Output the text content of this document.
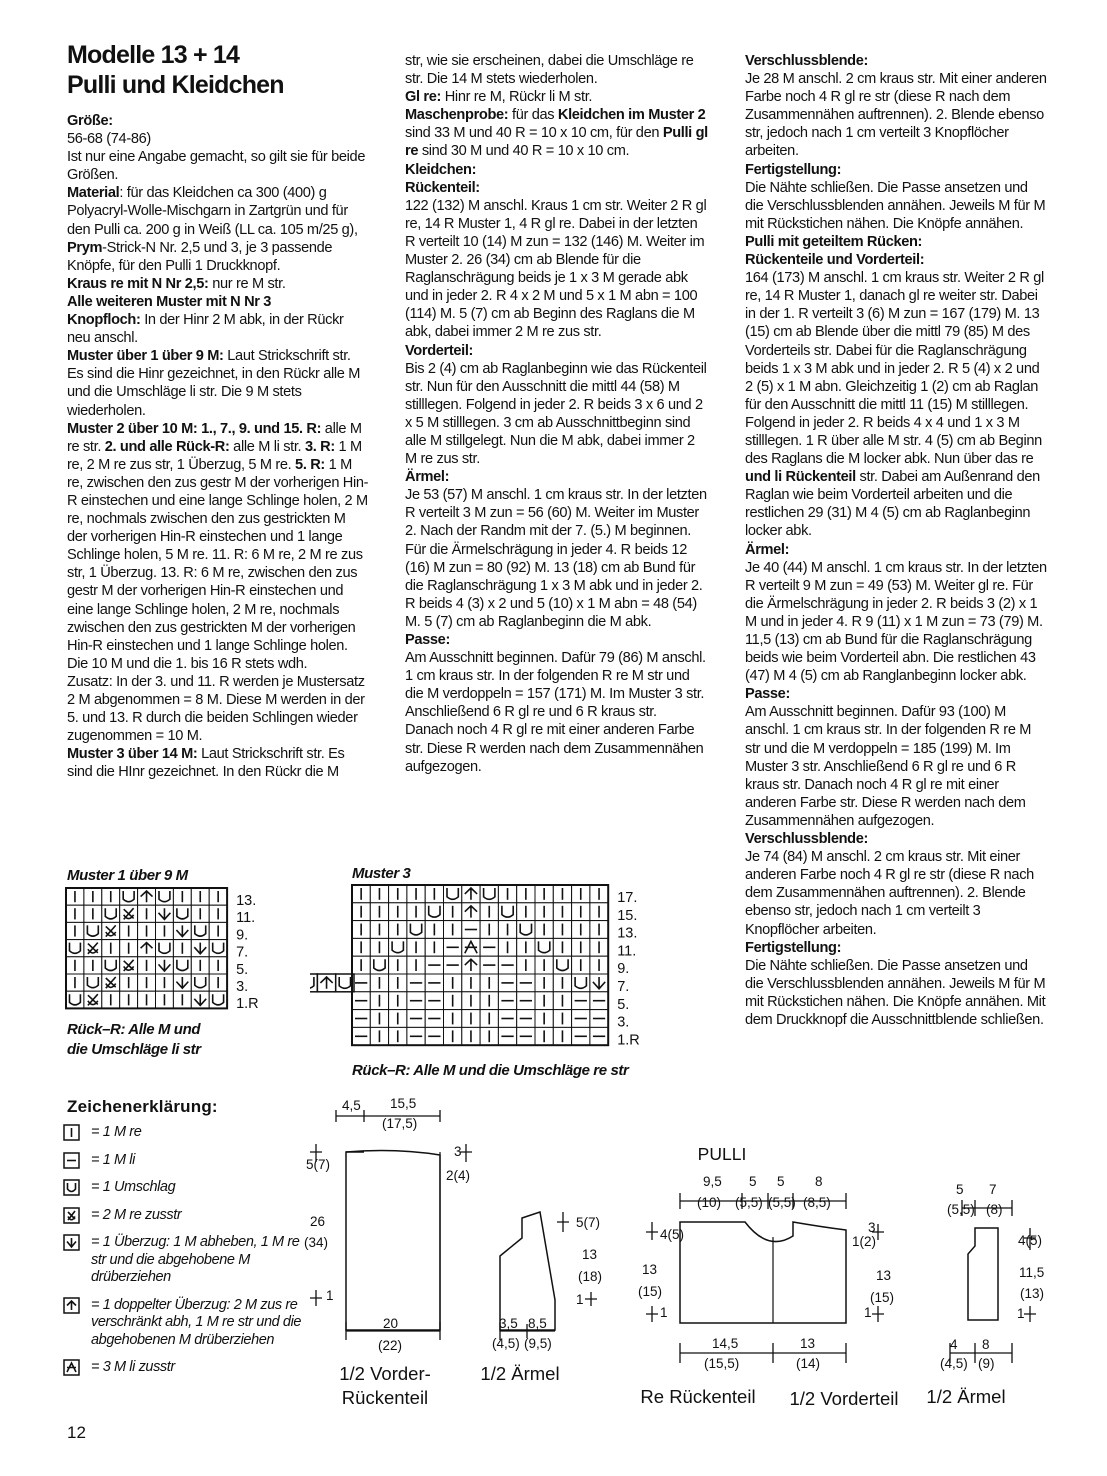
Modelle 13 + 14
Pulli und Kleidchen

Größe:

56-68 (74-86)

Ist nur eine Angabe gemacht, so gilt sie für beide Größen.

Material: für das Kleidchen ca 300 (400) g Polyacryl-Wolle-Mischgarn in Zartgrün und für den Pulli ca. 200 g in Weiß (LL ca. 105 m/25 g), Prym-Strick-N Nr. 2,5 und 3, je 3 passende Knöpfe, für den Pulli 1 Druckknopf.

Kraus re mit N Nr 2,5: nur re M str.

Alle weiteren Muster mit N Nr 3

Knopfloch: In der Hinr 2 M abk, in der Rückr neu anschl.

Muster über 1 über 9 M: Laut Strickschrift str. Es sind die Hinr gezeichnet, in den Rückr alle M und die Umschläge li str. Die 9 M stets wiederholen.

Muster 2 über 10 M: 1., 7., 9. und 15. R: alle M re str. 2. und alle Rück-R: alle M li str. 3. R: 1 M re, 2 M re zus str, 1 Überzug, 5 M re. 5. R: 1 M re, zwischen den zus gestr M der vorherigen Hin-R einstechen und eine lange Schlinge holen, 2 M re, nochmals zwischen den zus gestrickten M der vorherigen Hin-R einstechen und 1 lange Schlinge holen, 5 M re. 11. R: 6 M re, 2 M re zus str, 1 Überzug. 13. R: 6 M re, zwischen den zus gestr M der vorherigen Hin-R einstechen und eine lange Schlinge holen, 2 M re, nochmals zwischen den zus gestrickten M der vorherigen Hin-R einstechen und 1 lange Schlinge holen. Die 10 M und die 1. bis 16 R stets wdh.

Zusatz: In der 3. und 11. R werden je Mustersatz 2 M abgenommen = 8 M. Diese M werden in der 5. und 13. R durch die beiden Schlingen wieder zugenommen = 10 M.

Muster 3 über 14 M: Laut Strickschrift str. Es sind die HInr gezeichnet. In den Rückr die M

str, wie sie erscheinen, dabei die Umschläge re str. Die 14 M stets wiederholen.

Gl re: Hinr re M, Rückr li M str.

Maschenprobe: für das Kleidchen im Muster 2 sind 33 M und 40 R = 10 x 10 cm, für den Pulli gl re sind 30 M und 40 R = 10 x 10 cm.

Kleidchen:

Rückenteil:

122 (132) M anschl. Kraus 1 cm str. Weiter 2 R gl re, 14 R Muster 1, 4 R gl re. Dabei in der letzten R verteilt 10 (14) M zun = 132 (146) M. Weiter im Muster 2. 26 (34) cm ab Blende für die Raglanschrägung beids je 1 x 3 M gerade abk und in jeder 2. R 4 x 2 M und 5 x 1 M abn = 100 (114) M. 5 (7) cm ab Beginn des Raglans die M abk, dabei immer 2 M re zus str.

Vorderteil:

Bis 2 (4) cm ab Raglanbeginn wie das Rückenteil str. Nun für den Ausschnitt die mittl 44 (58) M stilllegen. Folgend in jeder 2. R beids 3 x 6 und 2 x 5 M stilllegen. 3 cm ab Ausschnittbeginn sind alle M stillgelegt. Nun die M abk, dabei immer 2 M re zus str.

Ärmel:

Je 53 (57) M anschl. 1 cm kraus str. In der letzten R verteilt 3 M zun = 56 (60) M. Weiter im Muster 2. Nach der Randm mit der 7. (5.) M beginnen. Für die Ärmelschrägung in jeder 4. R beids 12 (16) M zun = 80 (92) M. 13 (18) cm ab Bund für die Raglanschrägung 1 x 3 M abk und in jeder 2. R beids 4 (3) x 2 und 5 (10) x 1 M abn = 48 (54) M. 5 (7) cm ab Raglanbeginn die M abk.

Passe:

Am Ausschnitt beginnen. Dafür 79 (86) M anschl. 1 cm kraus str. In der folgenden R re M str und die M verdoppeln = 157 (171) M. Im Muster 3 str. Anschließend 6 R gl re und 6 R kraus str. Danach noch 4 R gl re mit einer anderen Farbe str. Diese R werden nach dem Zusammennähen aufgezogen.

Verschlussblende:

Je 28 M anschl. 2 cm kraus str. Mit einer anderen Farbe noch 4 R gl re str (diese R nach dem Zusammennähen auftrennen). 2. Blende ebenso str, jedoch nach 1 cm verteilt 3 Knopflöcher arbeiten.

Fertigstellung:

Die Nähte schließen. Die Passe ansetzen und die Verschlussblenden annähen. Jeweils M für M mit Rückstichen nähen. Die Knöpfe annähen.

Pulli mit geteiltem Rücken:

Rückenteile und Vorderteil:

164 (173) M anschl. 1 cm kraus str. Weiter 2 R gl re, 14 R Muster 1, danach gl re weiter str. Dabei in der 1. R verteilt 3 (6) M zun = 167 (179) M. 13 (15) cm ab Blende über die mittl 79 (85) M des Vorderteils str. Dabei für die Raglanschrägung beids 1 x 3 M abk und in jeder 2. R 5 (4) x 2 und 2 (5) x 1 M abn. Gleichzeitig 1 (2) cm ab Raglan für den Ausschnitt die mittl 11 (15) M stilllegen. Folgend in jeder 2. R beids 4 x 4 und 1 x 3 M stilllegen. 1 R über alle M str. 4 (5) cm ab Beginn des Raglans die M locker abk. Nun über das re und li Rückenteil str. Dabei am Außenrand den Raglan wie beim Vorderteil arbeiten und die restlichen 29 (31) M 4 (5) cm ab Raglanbeginn locker abk.

Ärmel:

Je 40 (44) M anschl. 1 cm kraus str. In der letzten R verteilt 9 M zun = 49 (53) M. Weiter gl re. Für die Ärmelschrägung in jeder 2. R beids 3 (2) x 1 M und in jeder 4. R 9 (11) x 1 M zun = 73 (79) M. 11,5 (13) cm ab Bund für die Raglanschrägung beids wie beim Vorderteil abn. Die restlichen 43 (47) M 4 (5) cm ab Ranglanbeginn locker abk.

Passe:

Am Ausschnitt beginnen. Dafür 93 (100) M anschl. 1 cm kraus str. In der folgenden R re M str und die M verdoppeln = 185 (199) M. Im Muster 3 str. Anschließend 6 R gl re und 6 R kraus str. Danach noch 4 R gl re mit einer anderen Farbe str. Diese R werden nach dem Zusammennähen aufgezogen.

Verschlussblende:

Je 74 (84) M anschl. 2 cm kraus str. Mit einer anderen Farbe noch 4 R gl re str (diese R nach dem Zusammennähen auftrennen). 2. Blende ebenso str, jedoch nach 1 cm verteilt 3 Knopflöcher arbeiten.

Fertigstellung:

Die Nähte schließen. Die Passe ansetzen und die Verschlussblenden annähen. Jeweils M für M mit Rückstichen nähen. Die Knöpfe annähen. Mit dem Druckknopf die Ausschnittblende schließen.

Muster 1 über 9 M
13.
11.
9.
7.
5.
3.
1.R
Rück–R: Alle M und
die Umschläge li str
Muster 3
17.
15.
13.
11.
9.
7.
5.
3.
1.R
Rück–R: Alle M und die Umschläge re str
Zeichenerklärung:
= 1 M re
= 1 M li
= 1 Umschlag
= 2 M re zusstr
= 1 Überzug: 1 M abheben, 1 M re str und die abgehobene M drüberziehen
= 1 doppelter Überzug: 2 M zus re verschränkt abh, 1 M re str und die abgehobenen M drüberziehen
= 3 M li zusstr
4,5 15,5
(17,5)
5(7)
3
2(4)
26
(34)
1
20
(22)
5(7)
13
(18)
1
3,5 8,5
(4,5) (9,5)
9,5
(10)
5
(5,5)
5
(5,5)
8
(8,5)
4(5)
13
(15)
1
3
1(2)
13
(15)
1
14,5
(15,5)
13
(14)
5
(5,5)
7
(8)
4(5)
11,5
(13)
1
4
(4,5)
8
(9)
1/2 Vorder-
Rückenteil
1/2 Ärmel
PULLI
Re Rückenteil 1/2 Vorderteil 1/2 Ärmel
12
